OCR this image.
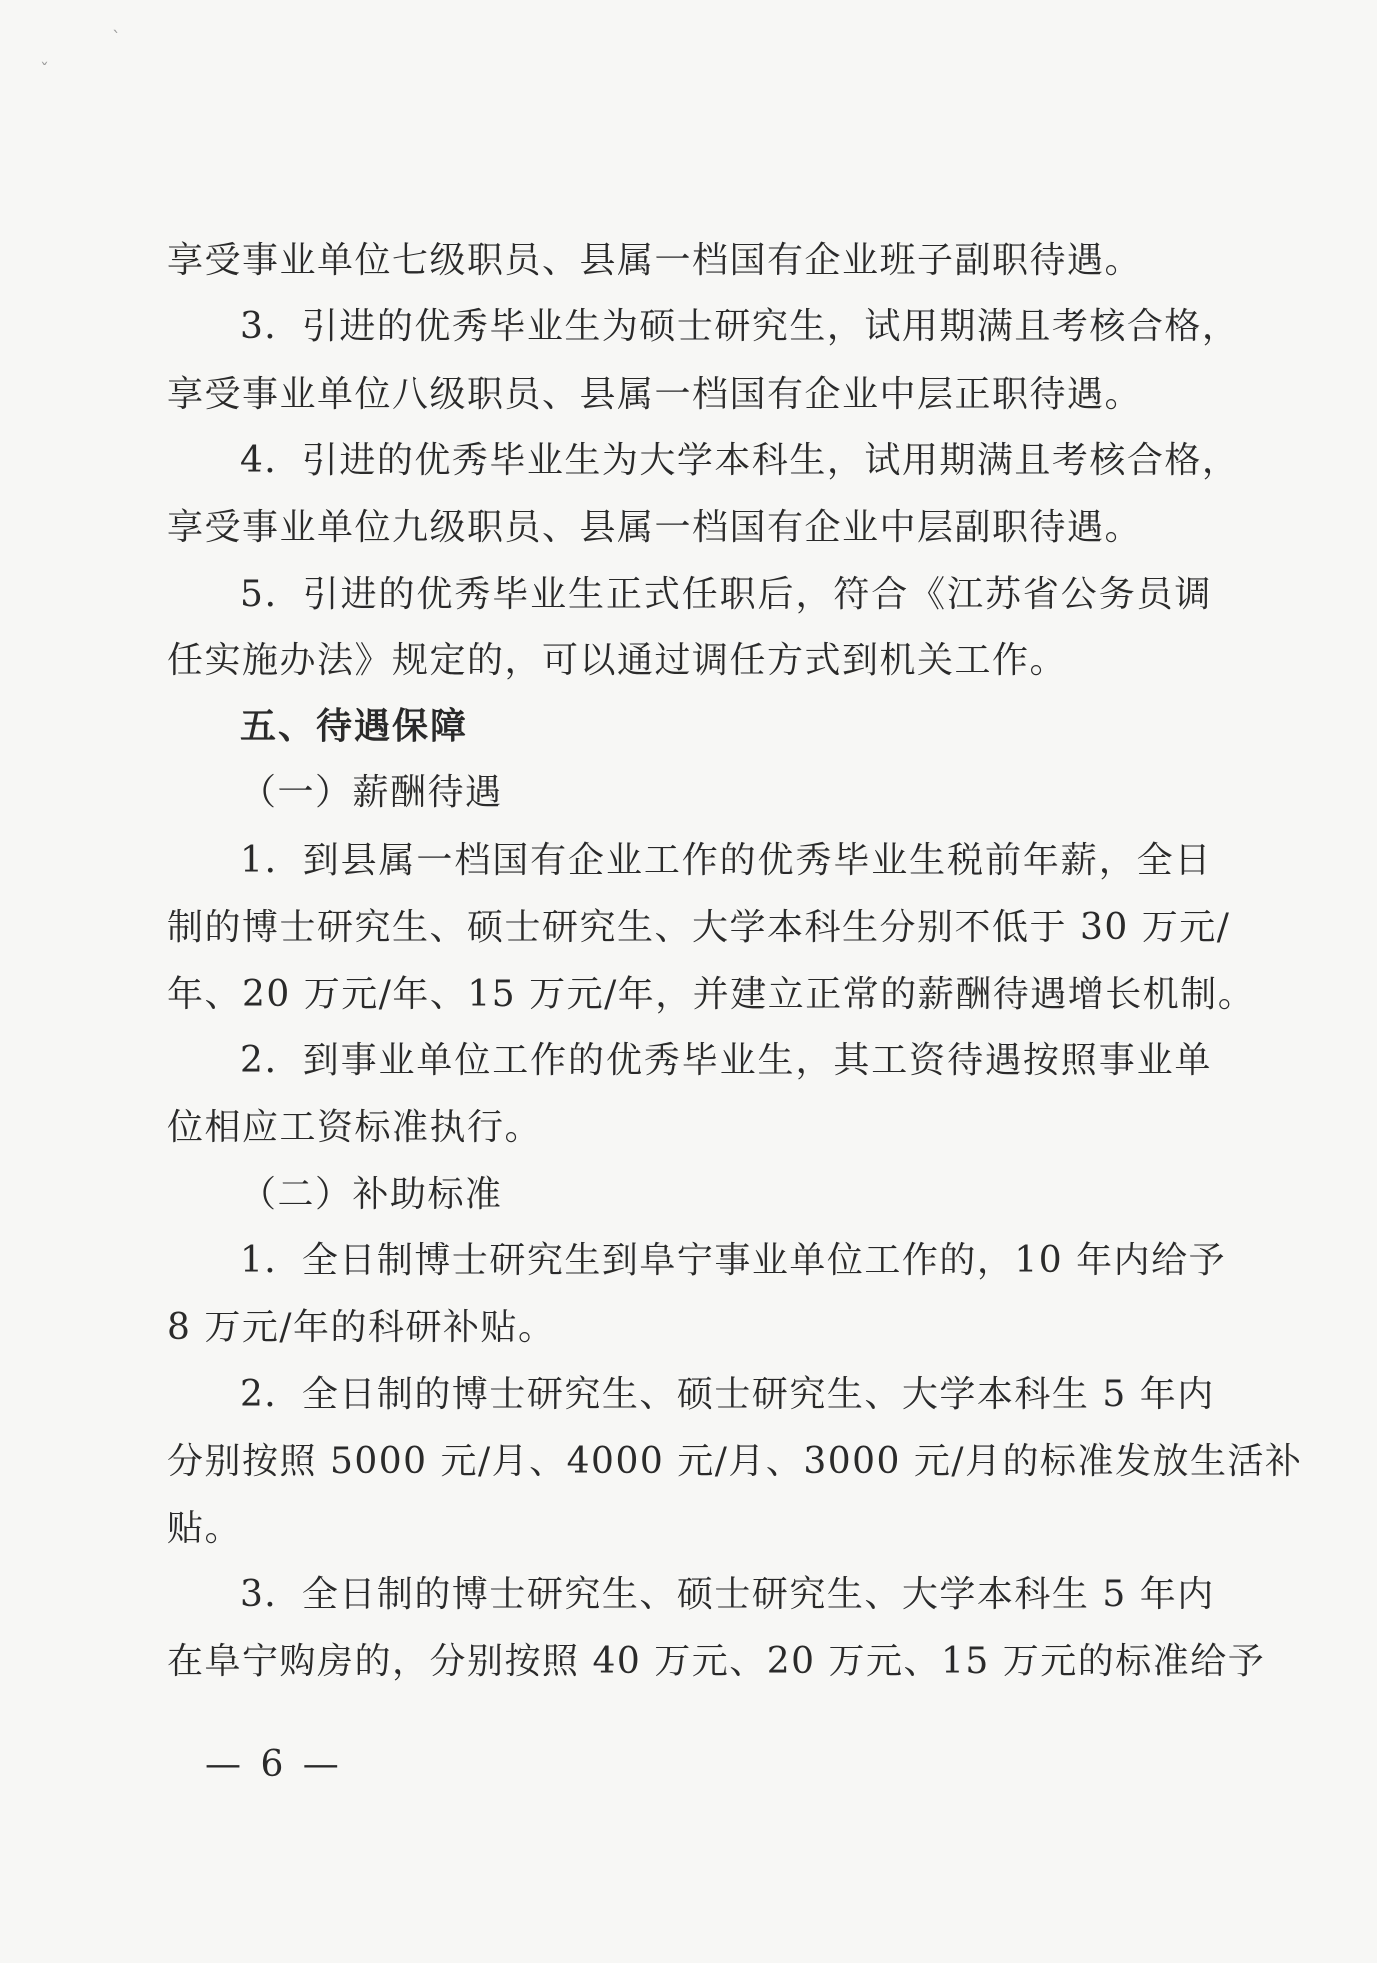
ˋ
ˇ
享受事业单位七级职员、县属一档国有企业班子副职待遇。
3．引进的优秀毕业生为硕士研究生，试用期满且考核合格，
享受事业单位八级职员、县属一档国有企业中层正职待遇。
4．引进的优秀毕业生为大学本科生，试用期满且考核合格，
享受事业单位九级职员、县属一档国有企业中层副职待遇。
5．引进的优秀毕业生正式任职后，符合《江苏省公务员调
任实施办法》规定的，可以通过调任方式到机关工作。
五、待遇保障
（一）薪酬待遇
1．到县属一档国有企业工作的优秀毕业生税前年薪，全日
制的博士研究生、硕士研究生、大学本科生分别不低于 30 万元/
年、20 万元/年、15 万元/年，并建立正常的薪酬待遇增长机制。
2．到事业单位工作的优秀毕业生，其工资待遇按照事业单
位相应工资标准执行。
（二）补助标准
1．全日制博士研究生到阜宁事业单位工作的，10 年内给予
8 万元/年的科研补贴。
2．全日制的博士研究生、硕士研究生、大学本科生 5 年内
分别按照 5000 元/月、4000 元/月、3000 元/月的标准发放生活补
贴。
3．全日制的博士研究生、硕士研究生、大学本科生 5 年内
在阜宁购房的，分别按照 40 万元、20 万元、15 万元的标准给予
— 6 —
